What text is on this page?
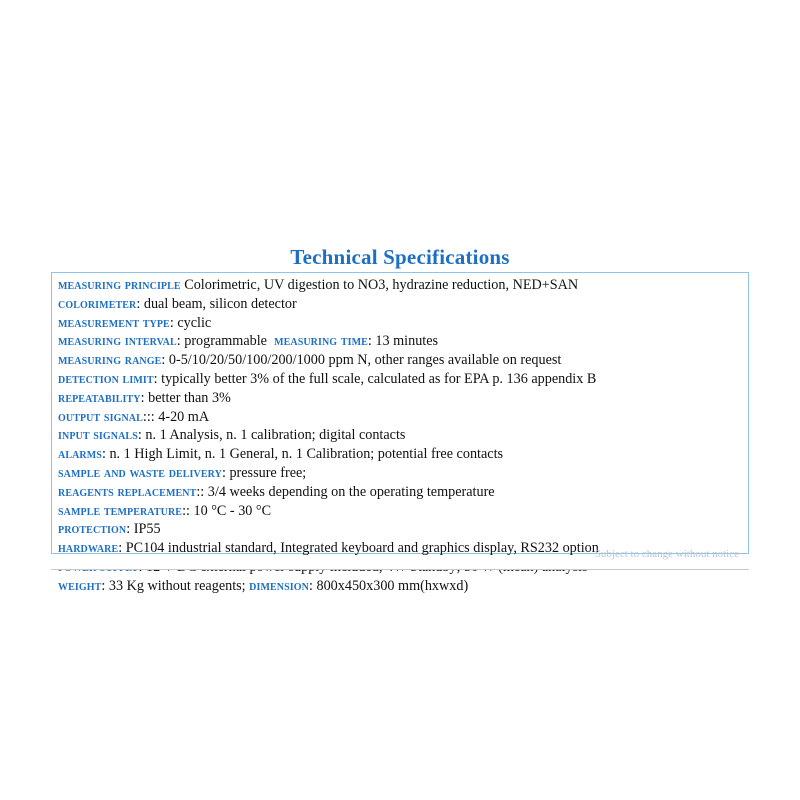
Technical Specifications
measuring principle Colorimetric, UV digestion to NO3, hydrazine reduction, NED+SAN
colorimeter: dual beam, silicon detector
measurement type: cyclic
measuring interval: programmable measuring time: 13 minutes
measuring range: 0-5/10/20/50/100/200/1000 ppm N, other ranges available on request
detection limit: typically better 3% of the full scale, calculated as for EPA p. 136 appendix B
repeatability: better than 3%
output signal::: 4-20 mA
input signals: n. 1 Analysis, n. 1 calibration; digital contacts
alarms: n. 1 High Limit, n. 1 General, n. 1 Calibration; potential free contacts
sample and waste delivery: pressure free;
reagents replacement:: 3/4 weeks depending on the operating temperature
sample temperature:: 10 °C - 30 °C
protection: IP55
hardware: PC104 industrial standard, Integrated keyboard and graphics display, RS232 option
weight: 33 Kg without reagents; dimension: 800x450x300 mm(hxwxd)
Subject to change without notice
